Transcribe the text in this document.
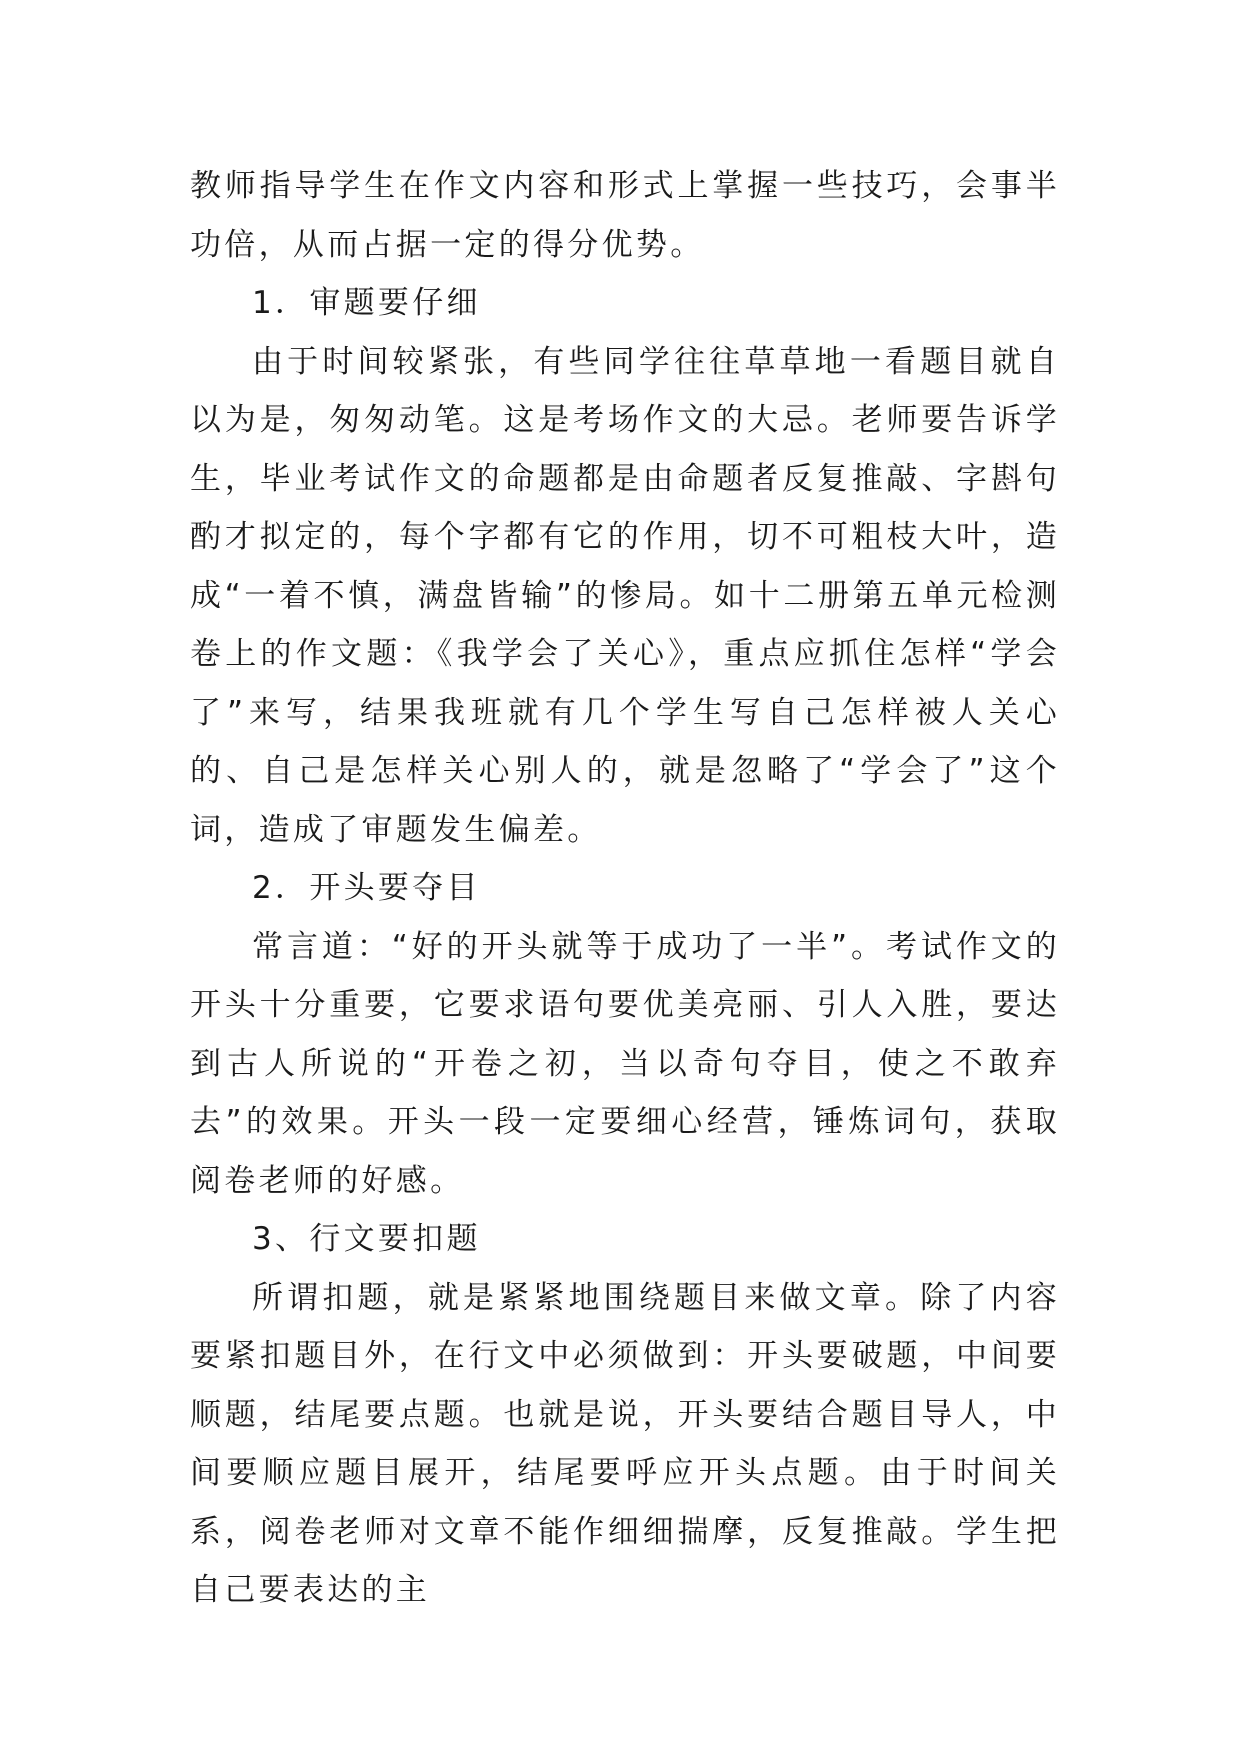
教师指导学生在作文内容和形式上掌握一些技巧，会事半功倍，从而占据一定的得分优势。

1．审题要仔细

由于时间较紧张，有些同学往往草草地一看题目就自以为是，匆匆动笔。这是考场作文的大忌。老师要告诉学生，毕业考试作文的命题都是由命题者反复推敲、字斟句酌才拟定的，每个字都有它的作用，切不可粗枝大叶，造成“一着不慎，满盘皆输”的惨局。如十二册第五单元检测卷上的作文题：《我学会了关心》，重点应抓住怎样“学会了”来写，结果我班就有几个学生写自己怎样被人关心的、自己是怎样关心别人的，就是忽略了“学会了”这个词，造成了审题发生偏差。

2．开头要夺目

常言道：“好的开头就等于成功了一半”。考试作文的开头十分重要，它要求语句要优美亮丽、引人入胜，要达到古人所说的“开卷之初，当以奇句夺目，使之不敢弃去”的效果。开头一段一定要细心经营，锤炼词句，获取阅卷老师的好感。

3、行文要扣题

所谓扣题，就是紧紧地围绕题目来做文章。除了内容要紧扣题目外，在行文中必须做到：开头要破题，中间要顺题，结尾要点题。也就是说，开头要结合题目导人，中间要顺应题目展开，结尾要呼应开头点题。由于时间关系，阅卷老师对文章不能作细细揣摩，反复推敲。学生把自己要表达的主
